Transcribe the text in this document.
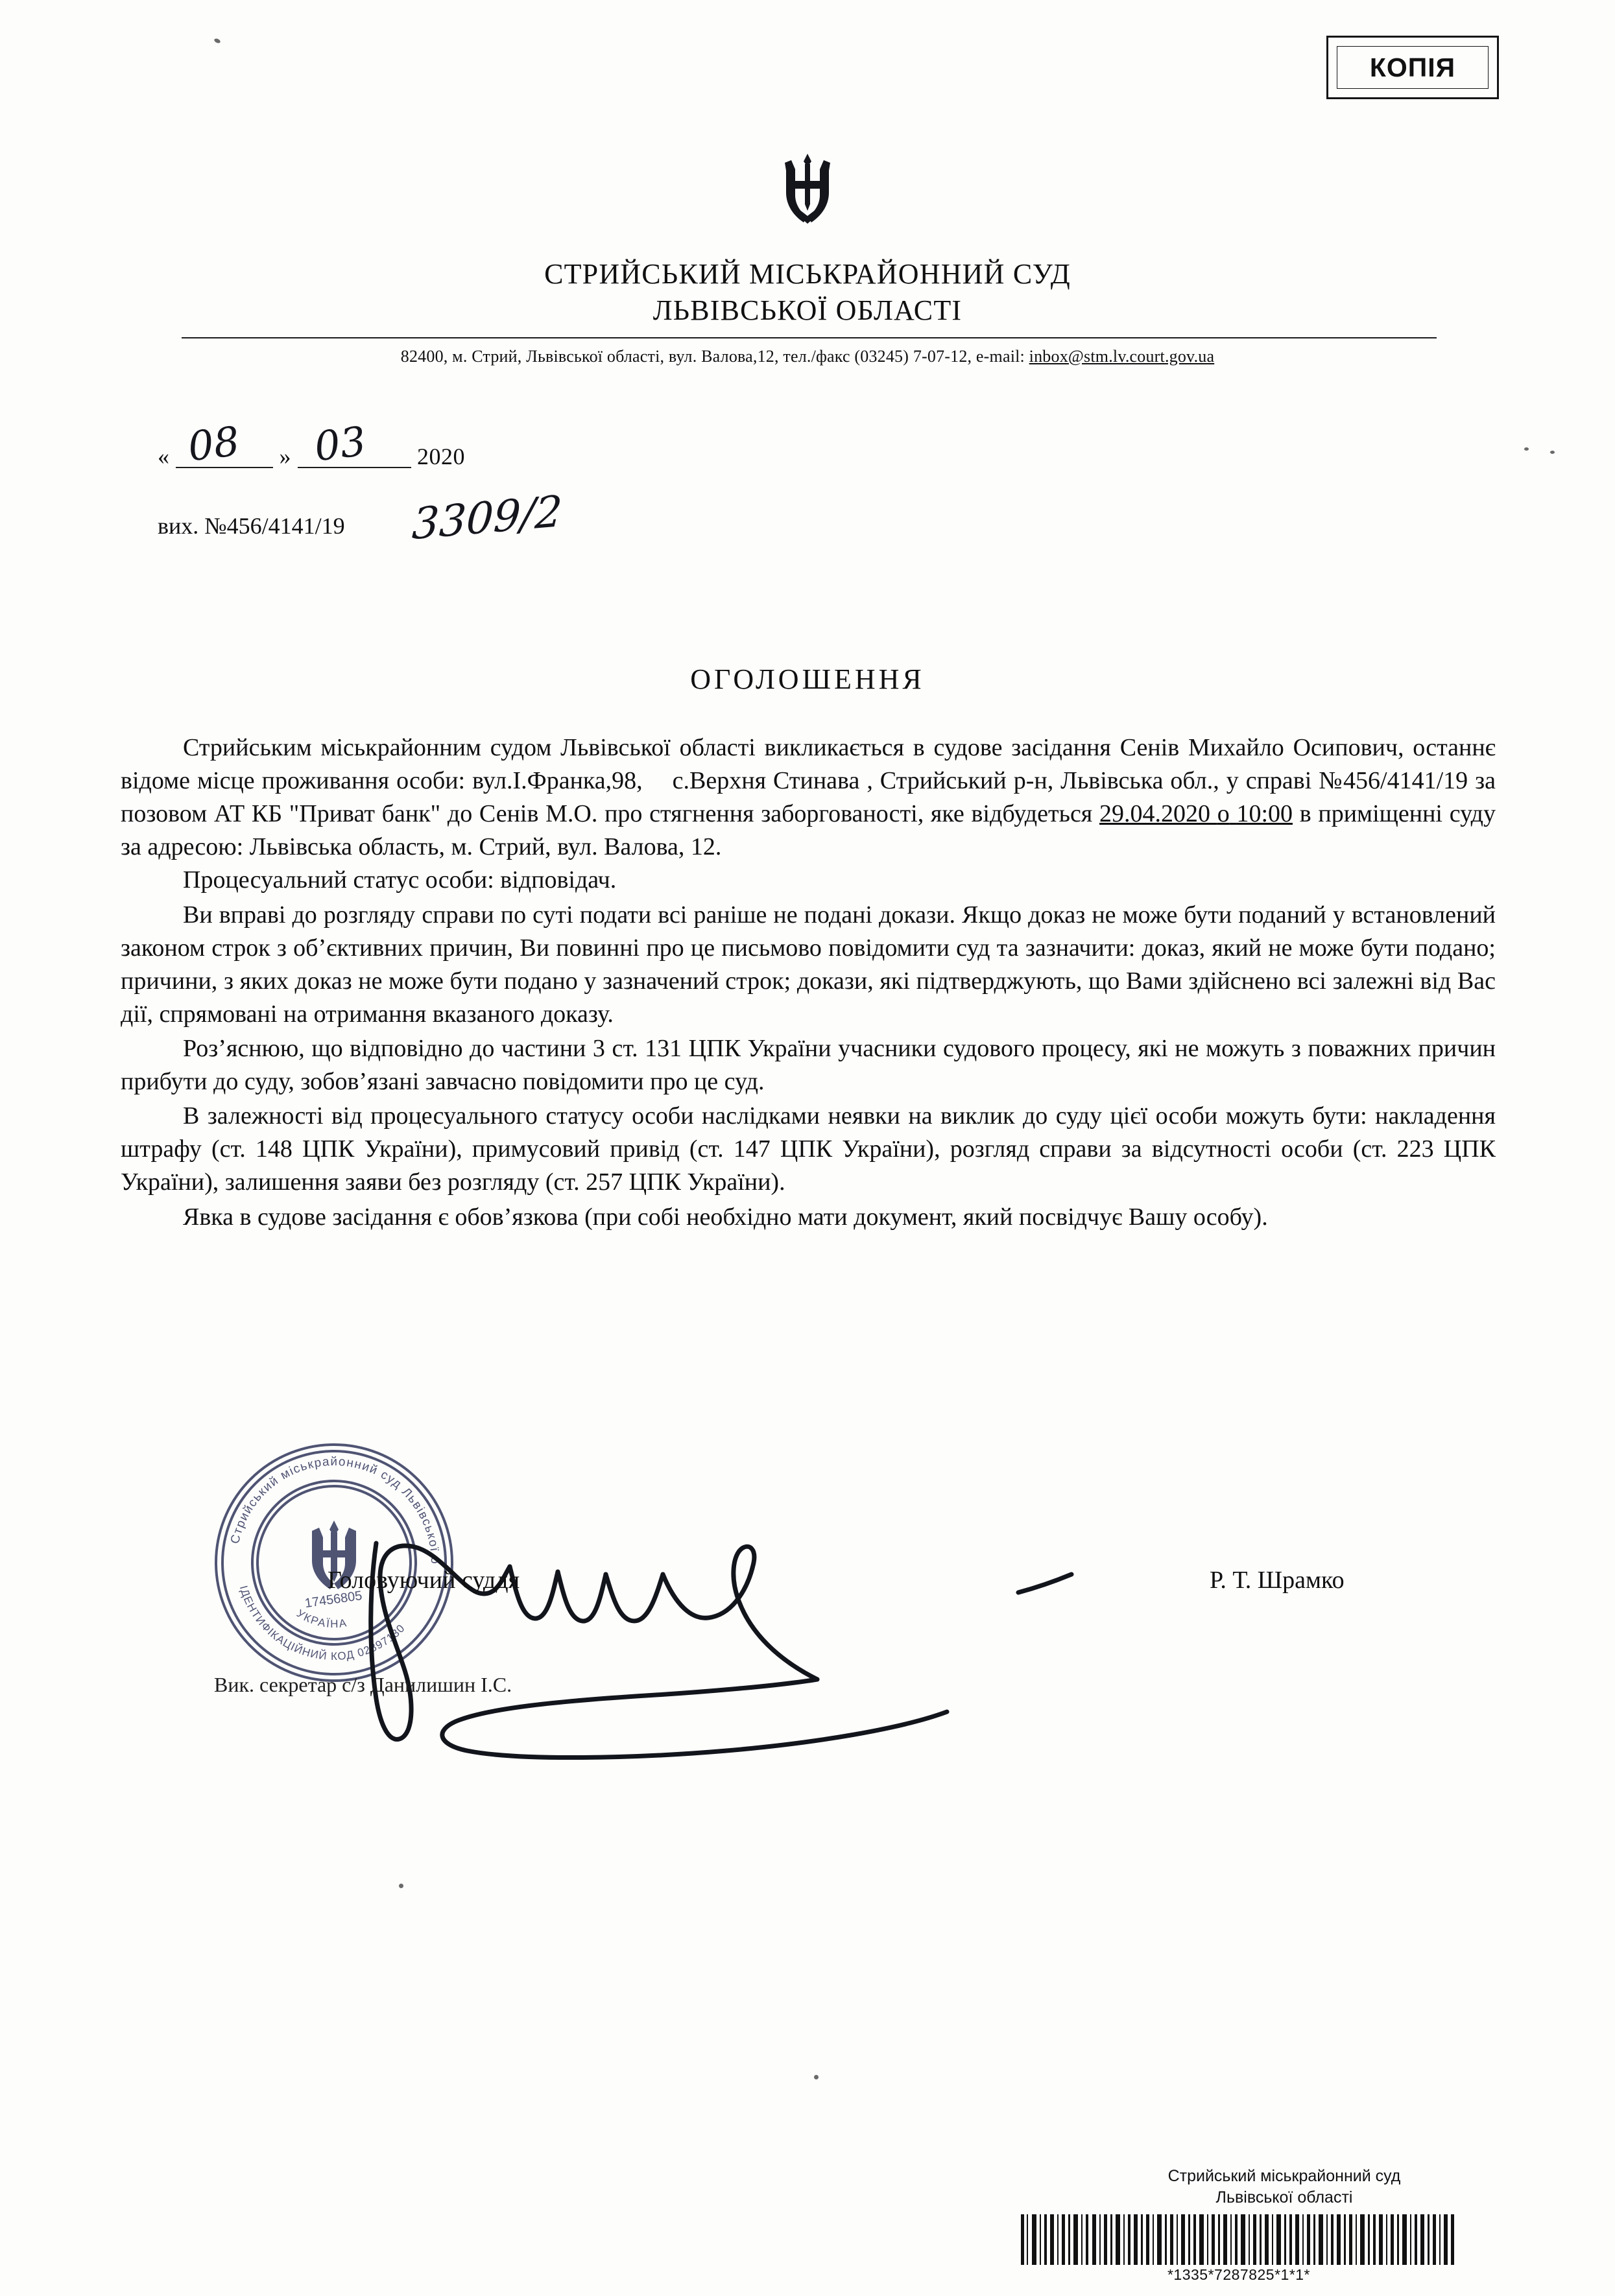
КОПІЯ
СТРИЙСЬКИЙ МІСЬКРАЙОННИЙ СУД
ЛЬВІВСЬКОЇ ОБЛАСТІ
82400, м. Стрий, Львівської області, вул. Валова,12, тел./факс (03245) 7-07-12, e-mail: inbox@stm.lv.court.gov.ua
«	»	2020
вих. №456/4141/19
08 03
3309/2
ОГОЛОШЕННЯ

Стрийським міськрайонним судом Львівської області викликається в судове засідання Сенів Михайло Осипович, останнє відоме місце проживання особи: вул.І.Франка,98, с.Верхня Стинава , Стрийський р-н, Львівська обл., у справі №456/4141/19 за позовом АТ КБ "Приват банк" до Сенів М.О. про стягнення заборгованості, яке відбудеться 29.04.2020 о 10:00 в приміщенні суду за адресою: Львівська область, м. Стрий, вул. Валова, 12.

Процесуальний статус особи: відповідач.

Ви вправі до розгляду справи по суті подати всі раніше не подані докази. Якщо доказ не може бути поданий у встановлений законом строк з об’єктивних причин, Ви повинні про це письмово повідомити суд та зазначити: доказ, який не може бути подано; причини, з яких доказ не може бути подано у зазначений строк; докази, які підтверджують, що Вами здійснено всі залежні від Вас дії, спрямовані на отримання вказаного доказу.

Роз’яснюю, що відповідно до частини 3 ст. 131 ЦПК України учасники судового процесу, які не можуть з поважних причин прибути до суду, зобов’язані завчасно повідомити про це суд.

В залежності від процесуального статусу особи наслідками неявки на виклик до суду цієї особи можуть бути: накладення штрафу (ст. 148 ЦПК України), примусовий привід (ст. 147 ЦПК України), розгляд справи за відсутності особи (ст. 223 ЦПК України), залишення заяви без розгляду (ст. 257 ЦПК України).

Явка в судове засідання є обов’язкова (при собі необхідно мати документ, який посвідчує Вашу особу).

Стрийський міськрайонний суд Львівської області
ІДЕНТИФІКАЦІЙНИЙ КОД 02897130
УКРАЇНА
17456805
Головуючий суддя	Р. Т. Шрамко
Вик. секретар с/з Данилишин І.С.
Стрийський міськрайонний суд
Львівської області
*1335*7287825*1*1*
